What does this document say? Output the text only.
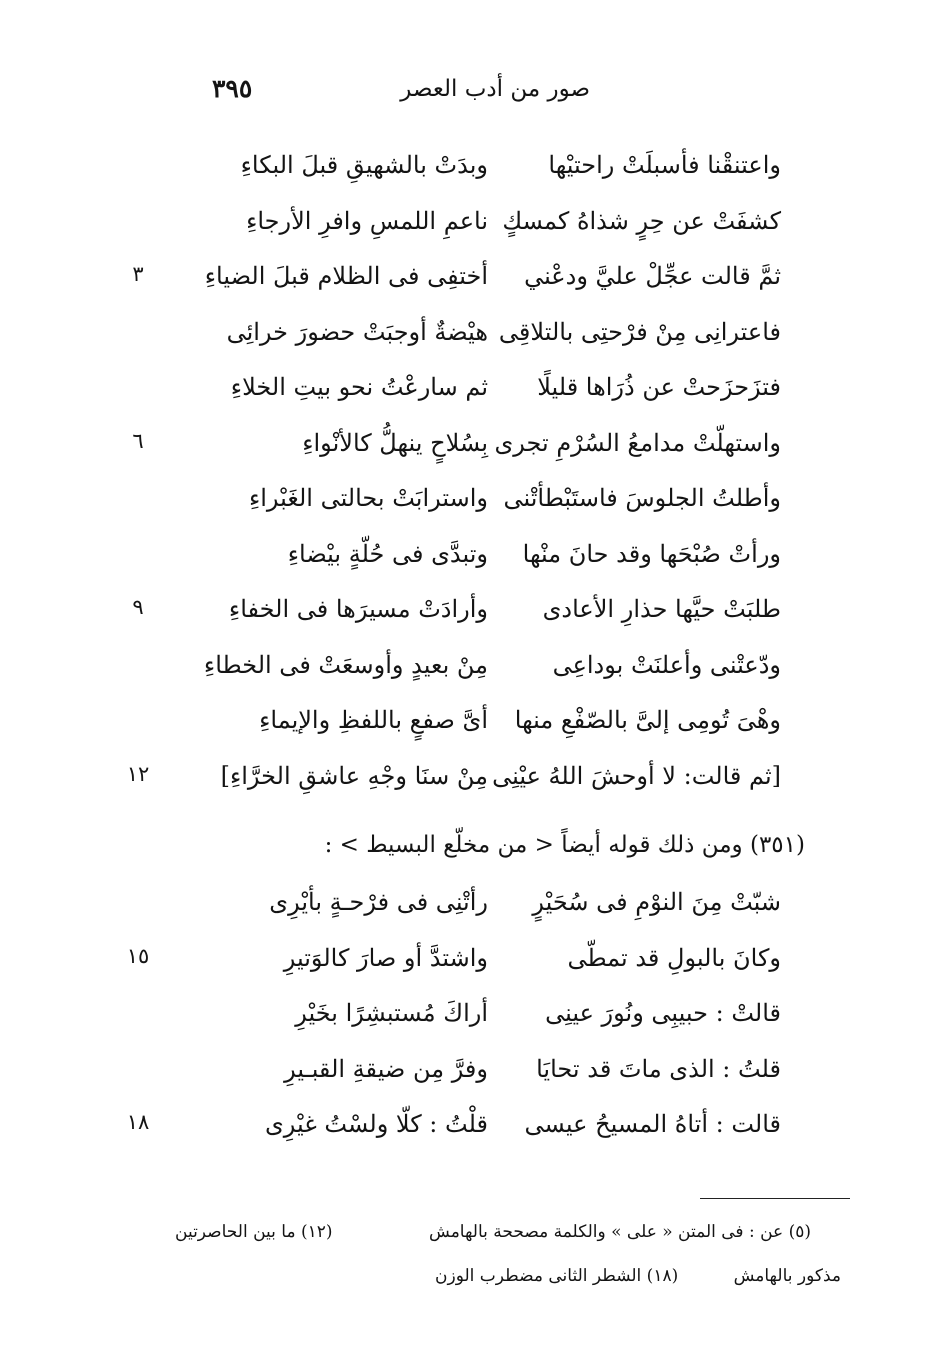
صور من أدب العصر
٣٩٥
واعتنقْنا فأسبلَتْ راحتيْها
وبدَتْ بالشهيقِ قبلَ البكاءِ
كشفَتْ عن حِرٍ شذاهُ كمسكٍ
ناعمِ اللمسِ وافرِ الأرجاءِ
ثمَّ قالت عجِّلْ عليَّ ودعْني
أختفِى فى الظلام قبلَ الضياءِ
٣
فاعترانِى مِنْ فرْحتِى بالتلاقِى
هيْضةٌ أوجبَتْ حضورَ خرائِى
فتزَحزَحتْ عن ذُرَاها قليلًا
ثم سارعْتُ نحو بيتِ الخلاءِ
واستهلّتْ مدامعُ السُرْمِ تجرى
بِسُلاحٍ ينهلُّ كالأنْواءِ
٦
وأطلتُ الجلوسَ فاستَبْطأتْنى
واسترابَتْ بحالتى الغَبْراءِ
ورأتْ صُبْحَها وقد حانَ منْها
وتبدَّى فى حُلّةٍ بيْضاءِ
طلبَتْ حيَّها حذارِ الأعادى
وأرادَتْ مسيرَها فى الخفاءِ
٩
ودّعتْنى وأعلنَتْ بوداعِى
مِنْ بعيدٍ وأوسعَتْ فى الخطاءِ
وهْىَ تُومِى إلىَّ بالصّفْعِ منها
أىَّ صفعٍ باللفظِ والإيماءِ
[ثم قالت: لا أوحشَ اللهُ عيْنِى
مِنْ سنَا وجْهِ عاشقِ الخرَّاءِ]
١٢
(٣٥١) ومن ذلك قوله أيضاً < من مخلّع البسيط > :
شبّتْ مِنَ النوْمِ فى سُحَيْرٍ
رأتْنِى فى فرْحـةٍ بأيْرِى
وكانَ بالبولِ قد تمطّى
واشتدَّ أو صارَ كالوَتيرِ
١٥
قالتْ : حبيبِى ونُورَ عينِى
أراكَ مُستبشِرًا بخَيْرِ
قلتُ : الذى ماتَ قد تحايَا
وفرَّ مِن ضيقةِ القبـيرِ
قالت : أتاهُ المسيحُ عيسى
قلْتُ : كلّا ولسْتُ غيْرِى
١٨
(٥) عن : فى المتن « على » والكلمة مصححة بالهامش
(١٢) ما بين الحاصرتين
مذكور بالهامش
(١٨) الشطر الثانى مضطرب الوزن
